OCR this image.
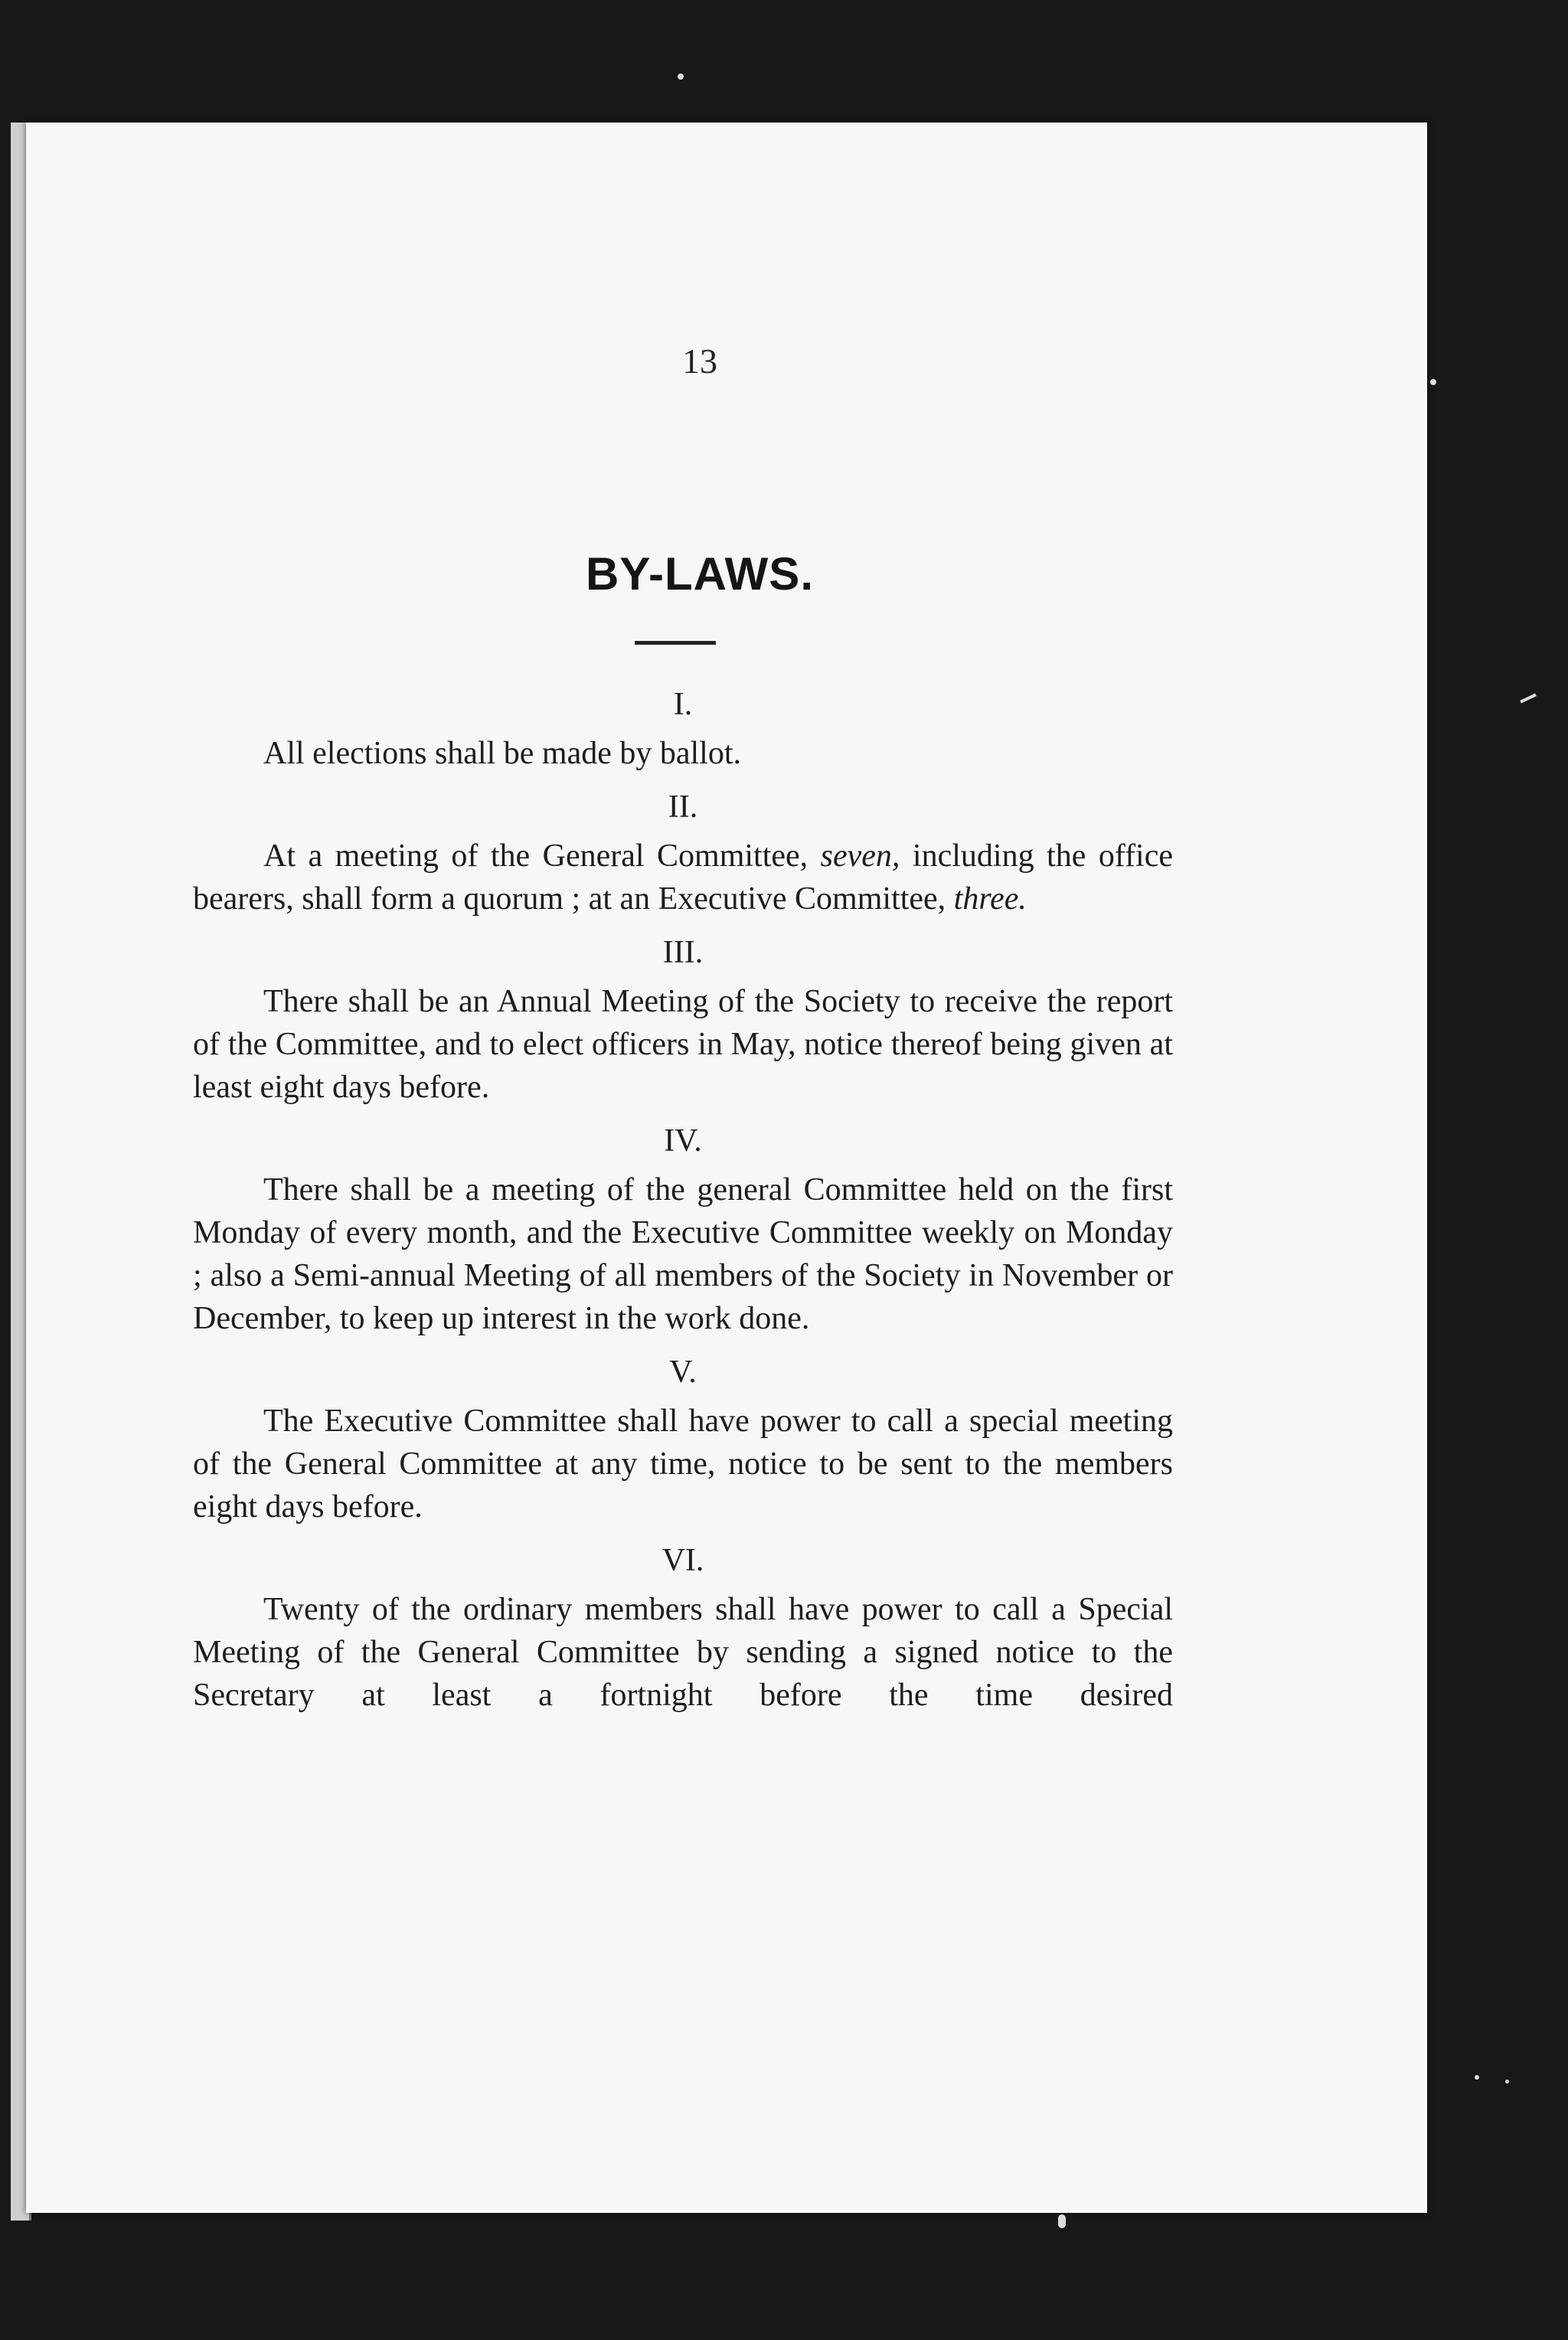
13
BY-LAWS.
I.

All elections shall be made by ballot.

II.

At a meeting of the General Committee, seven, including the office bearers, shall form a quorum ; at an Executive Committee, three.

III.

There shall be an Annual Meeting of the Society to receive the report of the Committee, and to elect officers in May, notice thereof being given at least eight days before.

IV.

There shall be a meeting of the general Committee held on the first Monday of every month, and the Executive Committee weekly on Monday ; also a Semi-annual Meeting of all members of the Society in November or December, to keep up interest in the work done.

V.

The Executive Committee shall have power to call a special meeting of the General Committee at any time, notice to be sent to the members eight days before.

VI.

Twenty of the ordinary members shall have power to call a Special Meeting of the General Committee by sending a signed notice to the Secretary at least a fortnight before the time desired
